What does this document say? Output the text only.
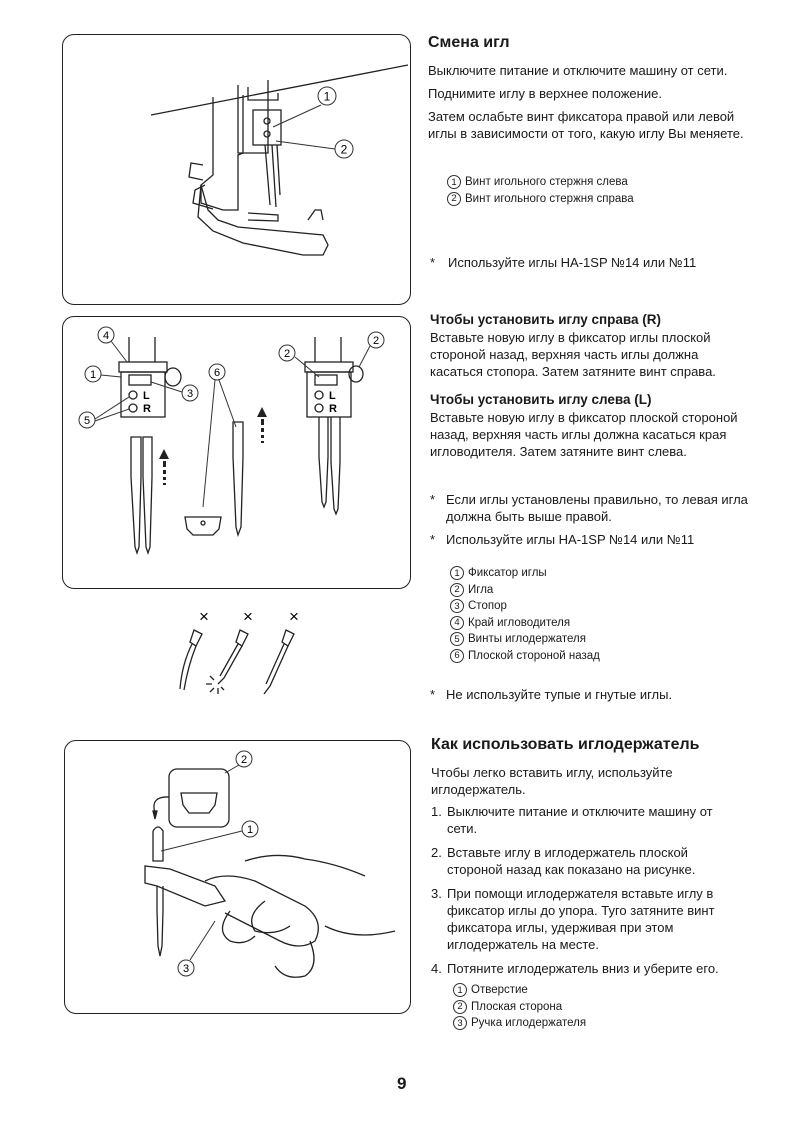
1
2
Смена игл
Выключите питание и отключите машину от сети.
Поднимите иглу в верхнее положение.
Затем ослабьте винт фиксатора правой или левой иглы в зависимости от того, какую иглу Вы меняете.
1 Винт игольного стержня слева
2 Винт игольного стержня справа
* Используйте иглы HA-1SP №14 или №11
L
R
L
R
4
1
3
5
6
2
2
× × ×
Чтобы установить иглу справа (R)
Вставьте новую иглу в фиксатор иглы плоской стороной назад, верхняя часть иглы должна касаться стопора. Затем затяните винт справа.
Чтобы установить иглу слева (L)
Вставьте новую иглу в фиксатор плоской стороной назад, верхняя часть иглы должна касаться края игловодителя. Затем затяните винт слева.
* Если иглы установлены правильно, то левая игла должна быть выше правой.
* Используйте иглы HA-1SP №14 или №11
1 Фиксатор иглы
2 Игла
3 Стопор
4 Край игловодителя
5 Винты иглодержателя
6 Плоской стороной назад
* Не используйте тупые и гнутые иглы.
2
1
3
Как использовать иглодержатель
Чтобы легко вставить иглу, используйте иглодержатель.
1. Выключите питание и отключите машину от сети.
2. Вставьте иглу в иглодержатель плоской стороной назад как показано на рисунке.
3. При помощи иглодержателя вставьте иглу в фиксатор иглы до упора. Туго затяните винт фиксатора иглы, удерживая при этом иглодержатель на месте.
4. Потяните иглодержатель вниз и уберите его.
1 Отверстие
2 Плоская сторона
3 Ручка иглодержателя
9
